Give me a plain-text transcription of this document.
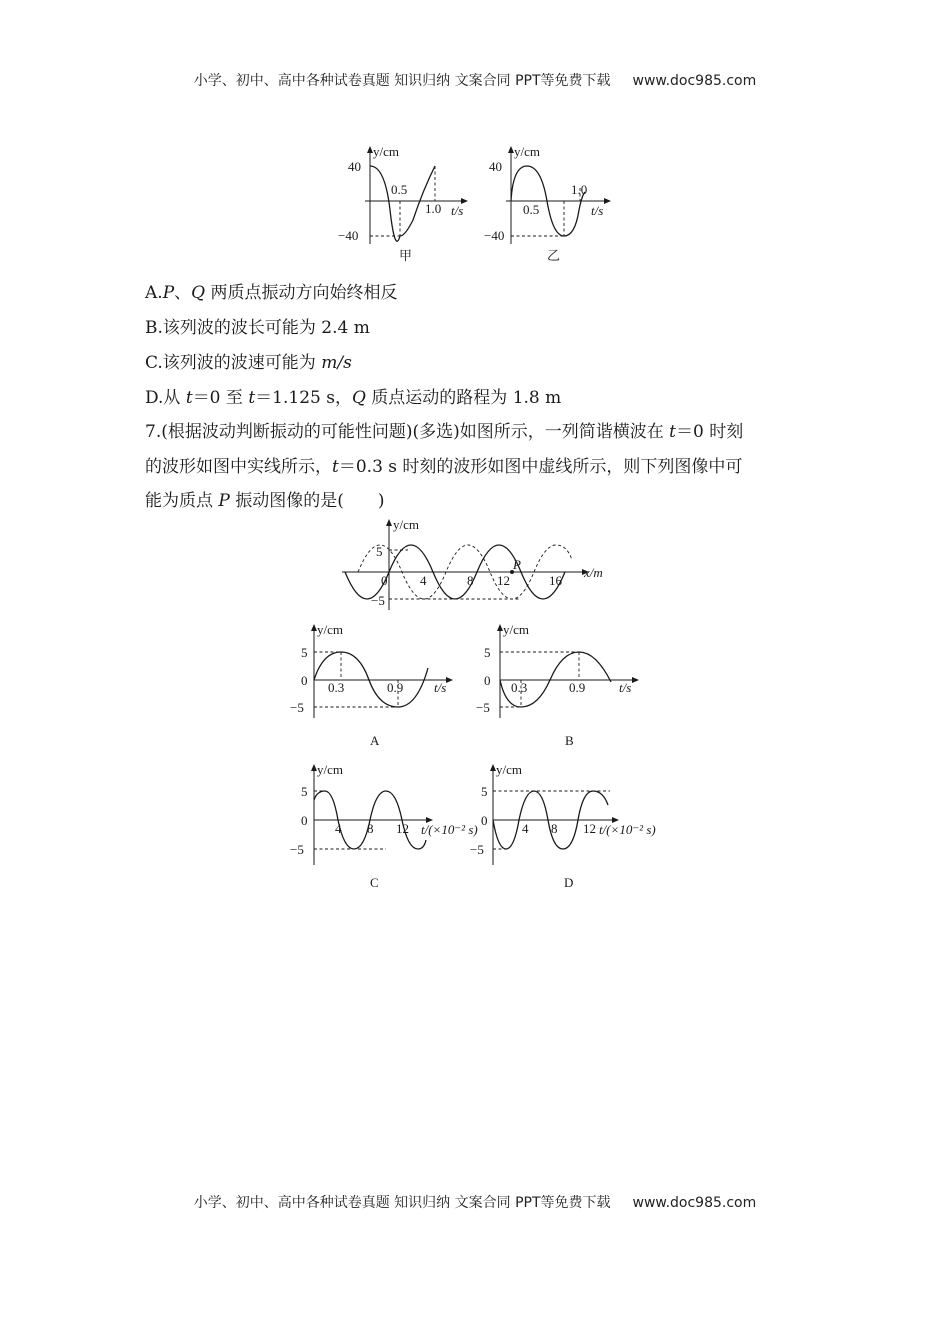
小学、初中、高中各种试卷真题 知识归纳 文案合同 PPT等免费下载 www.doc985.com
小学、初中、高中各种试卷真题 知识归纳 文案合同 PPT等免费下载 www.doc985.com
y/cm
40
−40
0.5
1.0 t/s
甲
y/cm
40
−40
0.5
1.0
t/s
乙
A.P、Q 两质点振动方向始终相反
B.该列波的波长可能为 2.4 m
C.该列波的波速可能为 m/s
D.从 t＝0 至 t＝1.125 s，Q 质点运动的路程为 1.8 m
7.(根据波动判断振动的可能性问题)(多选)如图所示，一列简谐横波在 t＝0 时刻
的波形如图中实线所示，t＝0.3 s 时刻的波形如图中虚线所示，则下列图像中可
能为质点 P 振动图像的是(　　)
y/cm
5
−5
0	4	8 12	16
P
x/m
y/cm
5
0
−5
0.3	0.9 t/s
A
y/cm
5
0
−5
0.3	0.9	t/s
B
y/cm
5
0
−5
4 8 12 t/(×10⁻² s)
C
y/cm
5
0
−5
4 8 12 t/(×10⁻² s)
D
